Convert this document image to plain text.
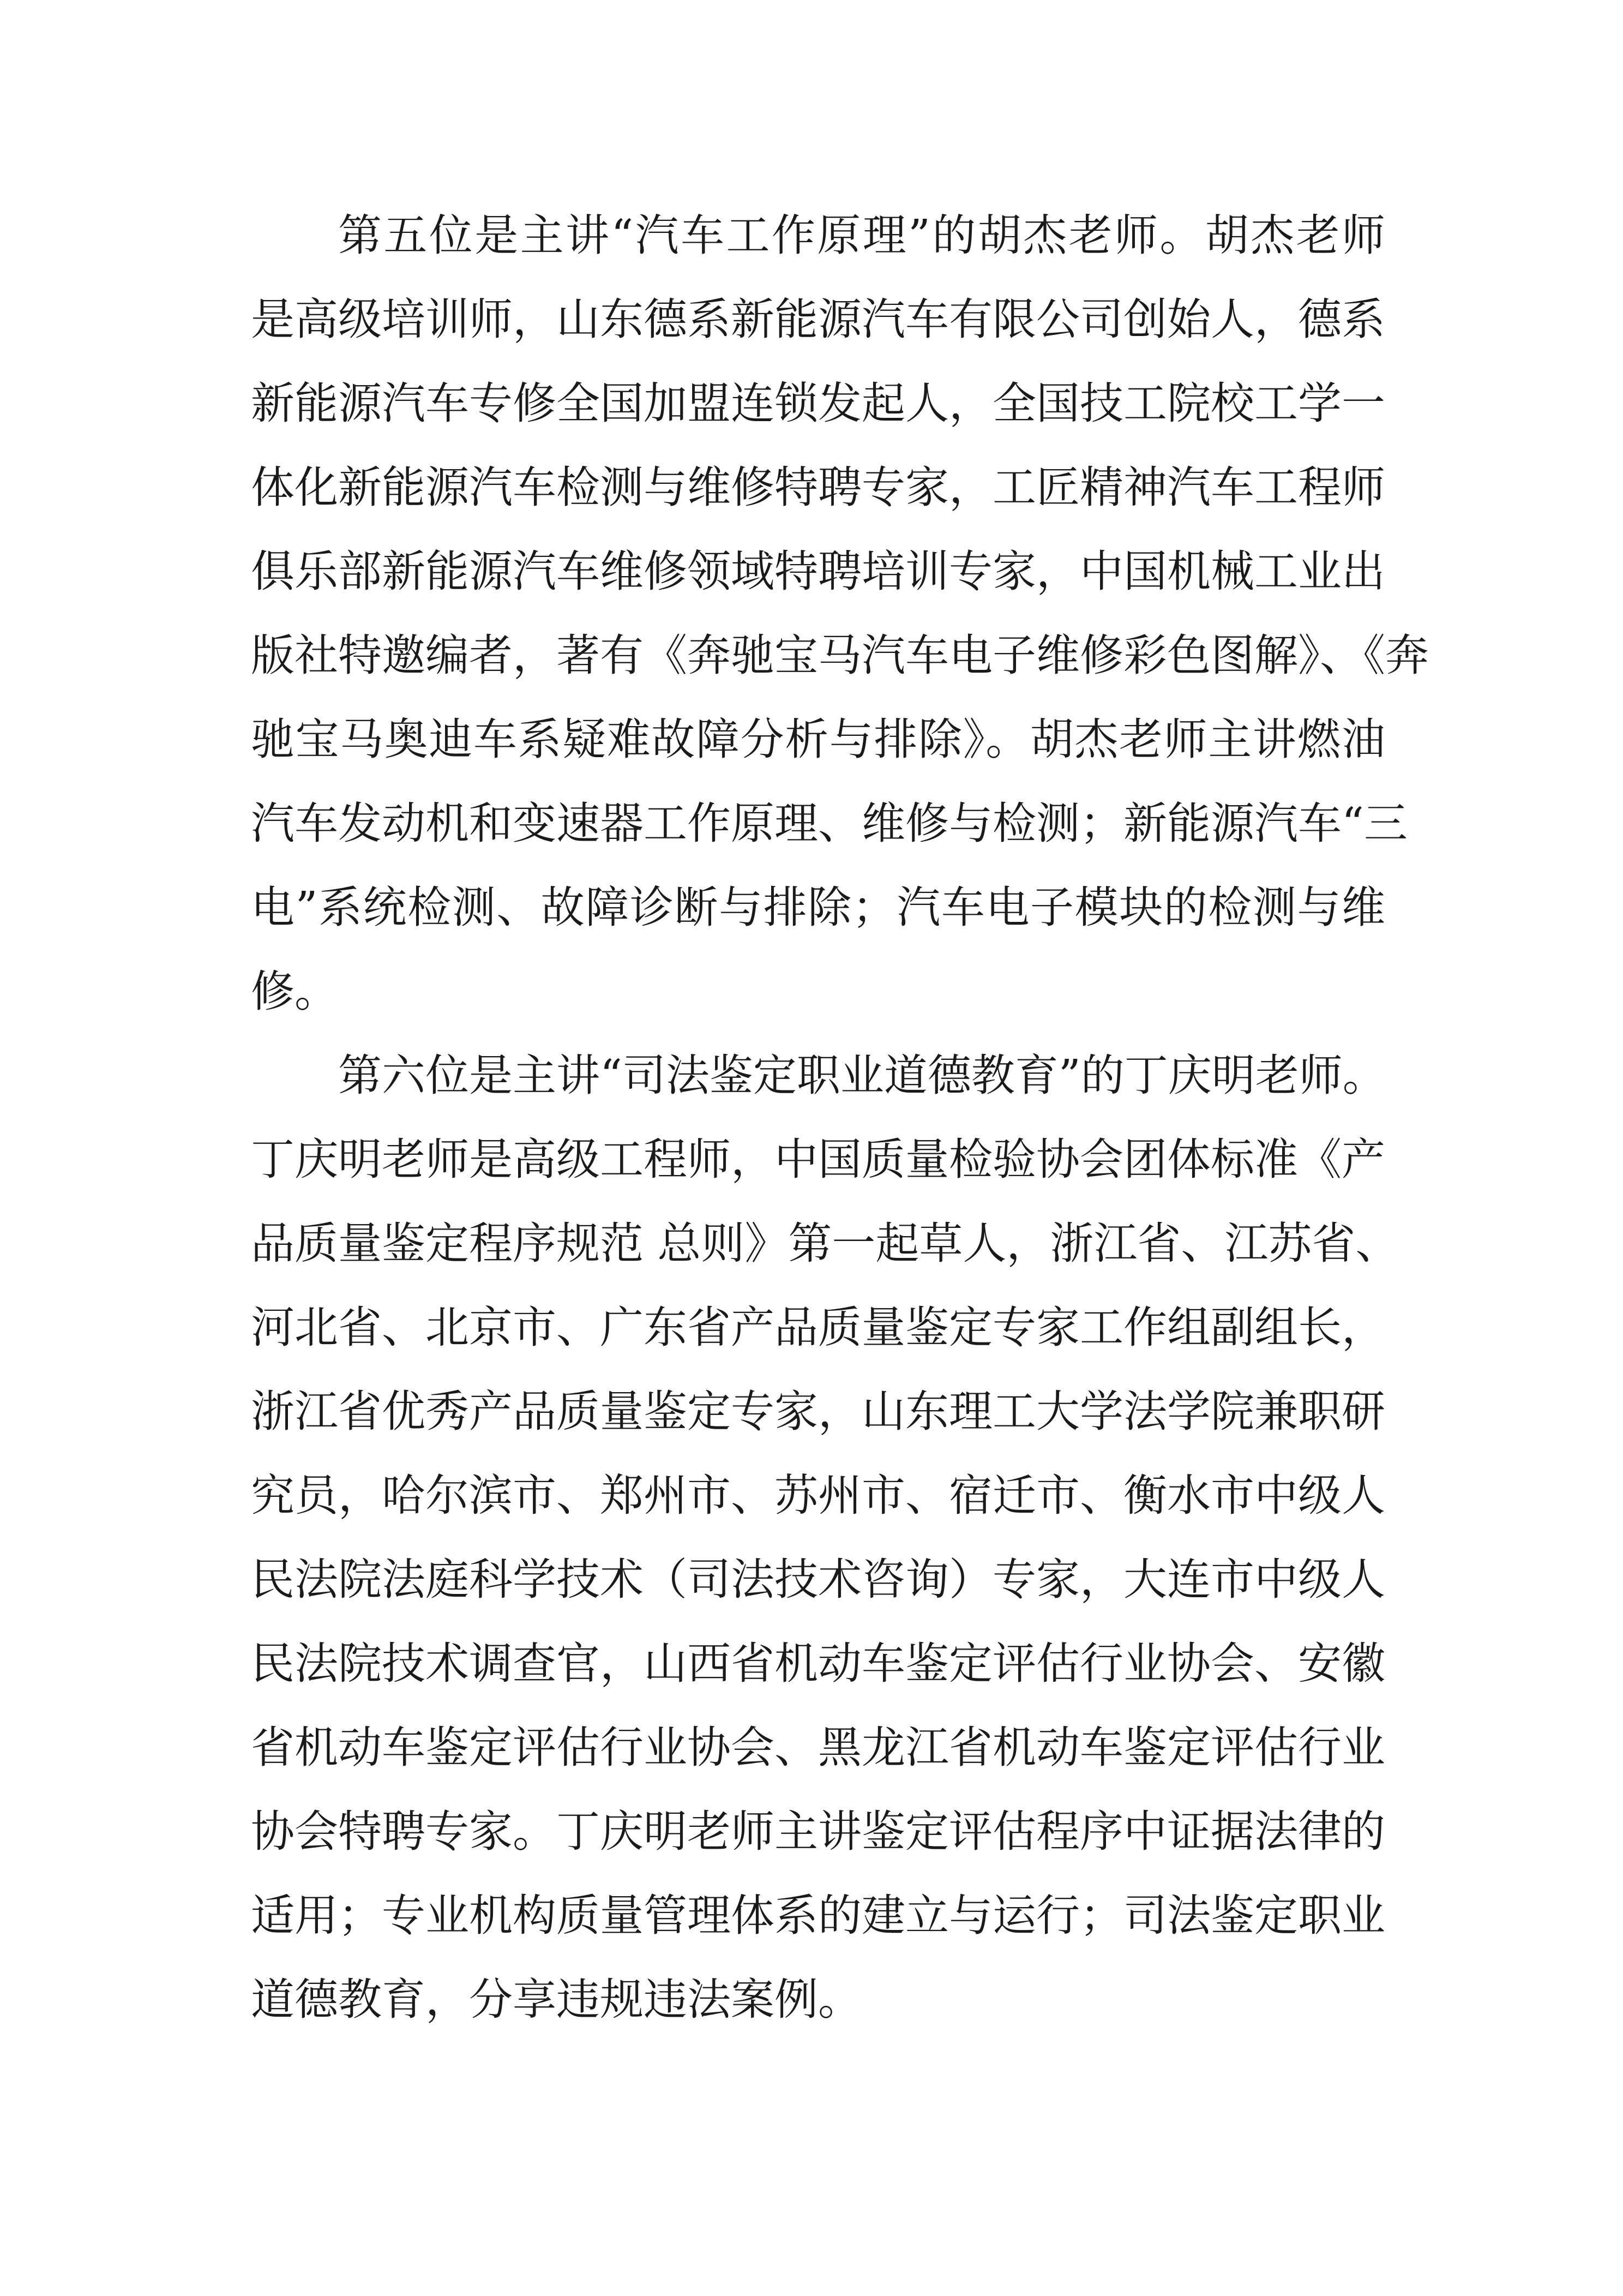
第五位是主讲“汽车工作原理”的胡杰老师。胡杰老师
是高级培训师，山东德系新能源汽车有限公司创始人，德系
新能源汽车专修全国加盟连锁发起人，全国技工院校工学一
体化新能源汽车检测与维修特聘专家，工匠精神汽车工程师
俱乐部新能源汽车维修领域特聘培训专家，中国机械工业出
版社特邀编者，著有《奔驰宝马汽车电子维修彩色图解》、《奔
驰宝马奥迪车系疑难故障分析与排除》。胡杰老师主讲燃油
汽车发动机和变速器工作原理、维修与检测；新能源汽车“三
电”系统检测、故障诊断与排除；汽车电子模块的检测与维
修。

第六位是主讲“司法鉴定职业道德教育”的丁庆明老师。
丁庆明老师是高级工程师，中国质量检验协会团体标准《产
品质量鉴定程序规范 总则》第一起草人，浙江省、江苏省、
河北省、北京市、广东省产品质量鉴定专家工作组副组长，
浙江省优秀产品质量鉴定专家，山东理工大学法学院兼职研
究员，哈尔滨市、郑州市、苏州市、宿迁市、衡水市中级人
民法院法庭科学技术（司法技术咨询）专家，大连市中级人
民法院技术调查官，山西省机动车鉴定评估行业协会、安徽
省机动车鉴定评估行业协会、黑龙江省机动车鉴定评估行业
协会特聘专家。丁庆明老师主讲鉴定评估程序中证据法律的
适用；专业机构质量管理体系的建立与运行；司法鉴定职业
道德教育，分享违规违法案例。
